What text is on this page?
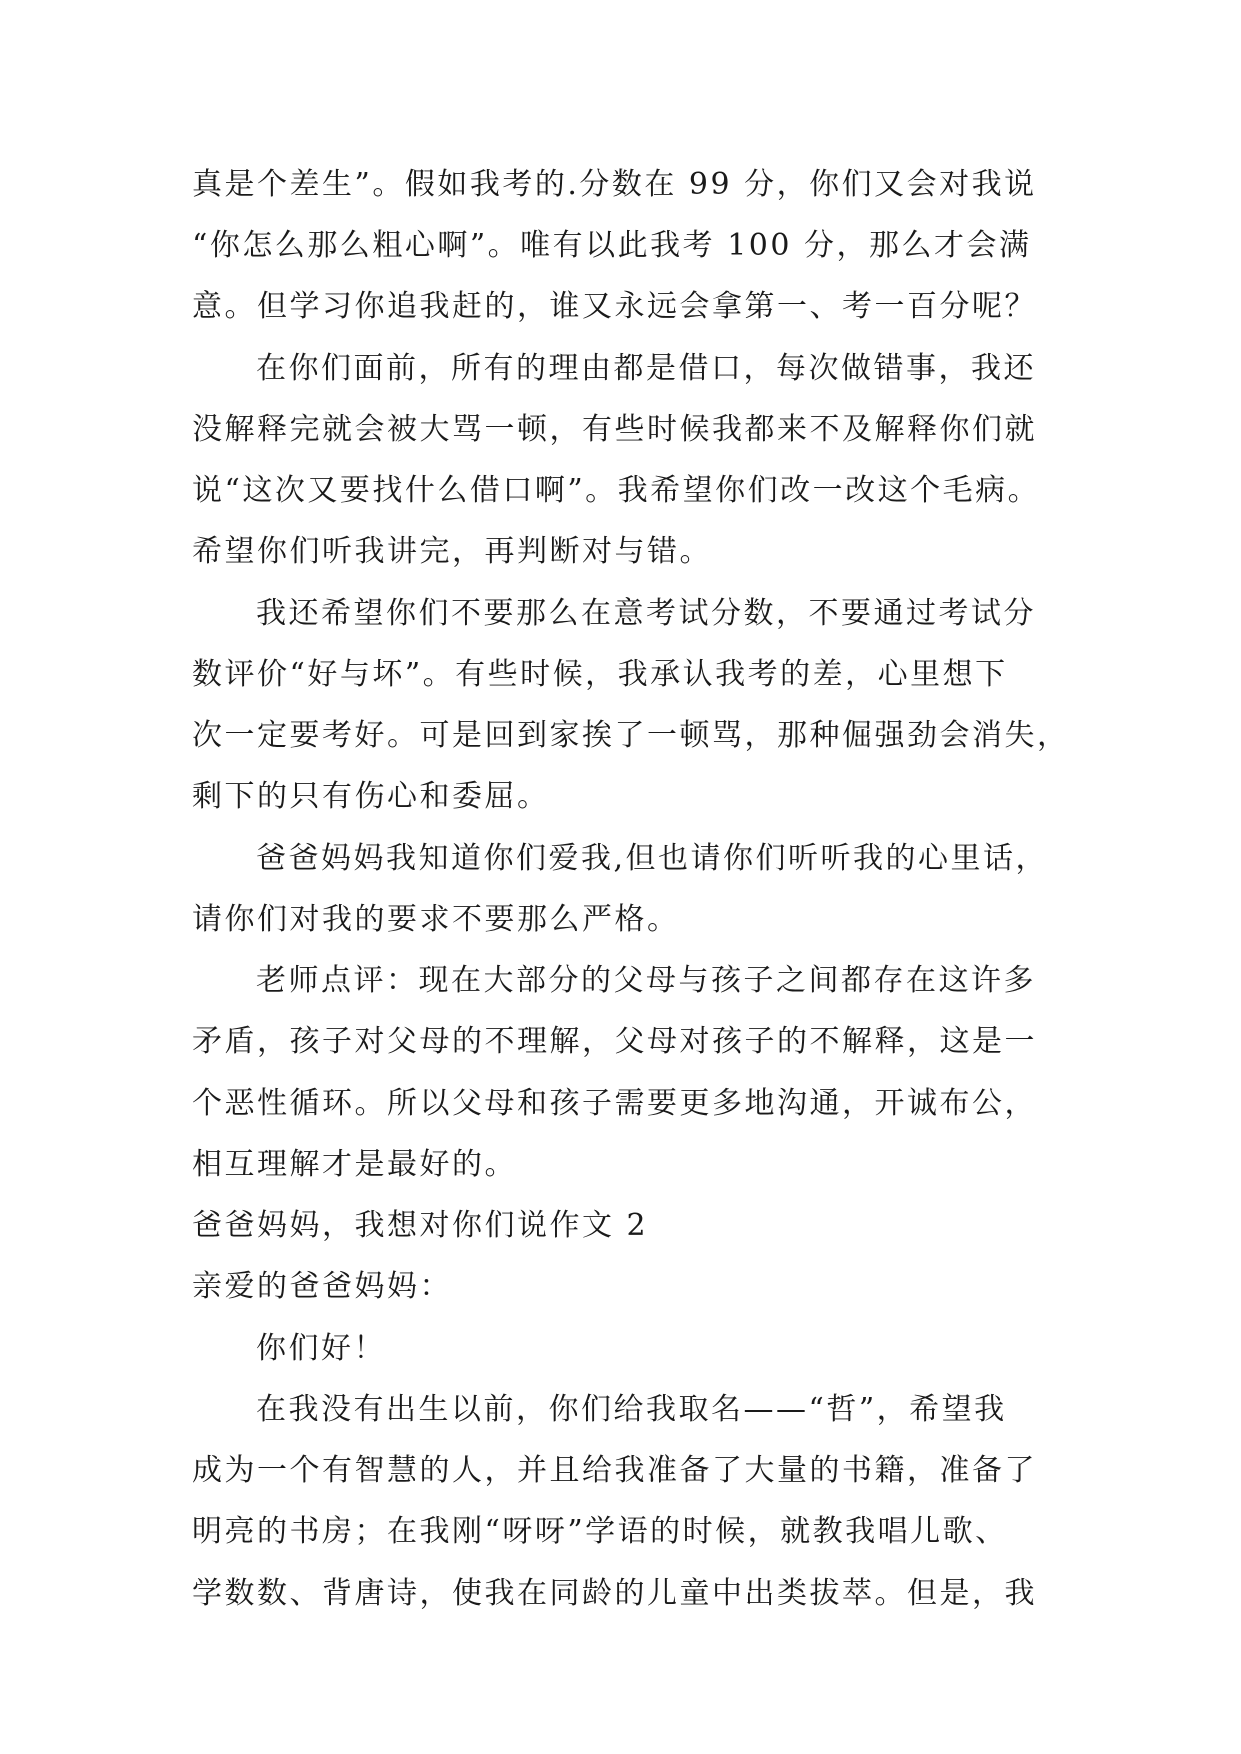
真是个差生”。假如我考的.分数在 99 分，你们又会对我说
“你怎么那么粗心啊”。唯有以此我考 100 分，那么才会满
意。但学习你追我赶的，谁又永远会拿第一、考一百分呢？
在你们面前，所有的理由都是借口，每次做错事，我还
没解释完就会被大骂一顿，有些时候我都来不及解释你们就
说“这次又要找什么借口啊”。我希望你们改一改这个毛病。
希望你们听我讲完，再判断对与错。
我还希望你们不要那么在意考试分数，不要通过考试分
数评价“好与坏”。有些时候，我承认我考的差，心里想下
次一定要考好。可是回到家挨了一顿骂，那种倔强劲会消失，
剩下的只有伤心和委屈。
爸爸妈妈我知道你们爱我,但也请你们听听我的心里话，
请你们对我的要求不要那么严格。
老师点评：现在大部分的父母与孩子之间都存在这许多
矛盾，孩子对父母的不理解，父母对孩子的不解释，这是一
个恶性循环。所以父母和孩子需要更多地沟通，开诚布公，
相互理解才是最好的。
爸爸妈妈，我想对你们说作文 2
亲爱的爸爸妈妈：
你们好！
在我没有出生以前，你们给我取名——“哲”，希望我
成为一个有智慧的人，并且给我准备了大量的书籍，准备了
明亮的书房；在我刚“呀呀”学语的时候，就教我唱儿歌、
学数数、背唐诗，使我在同龄的儿童中出类拔萃。但是，我
